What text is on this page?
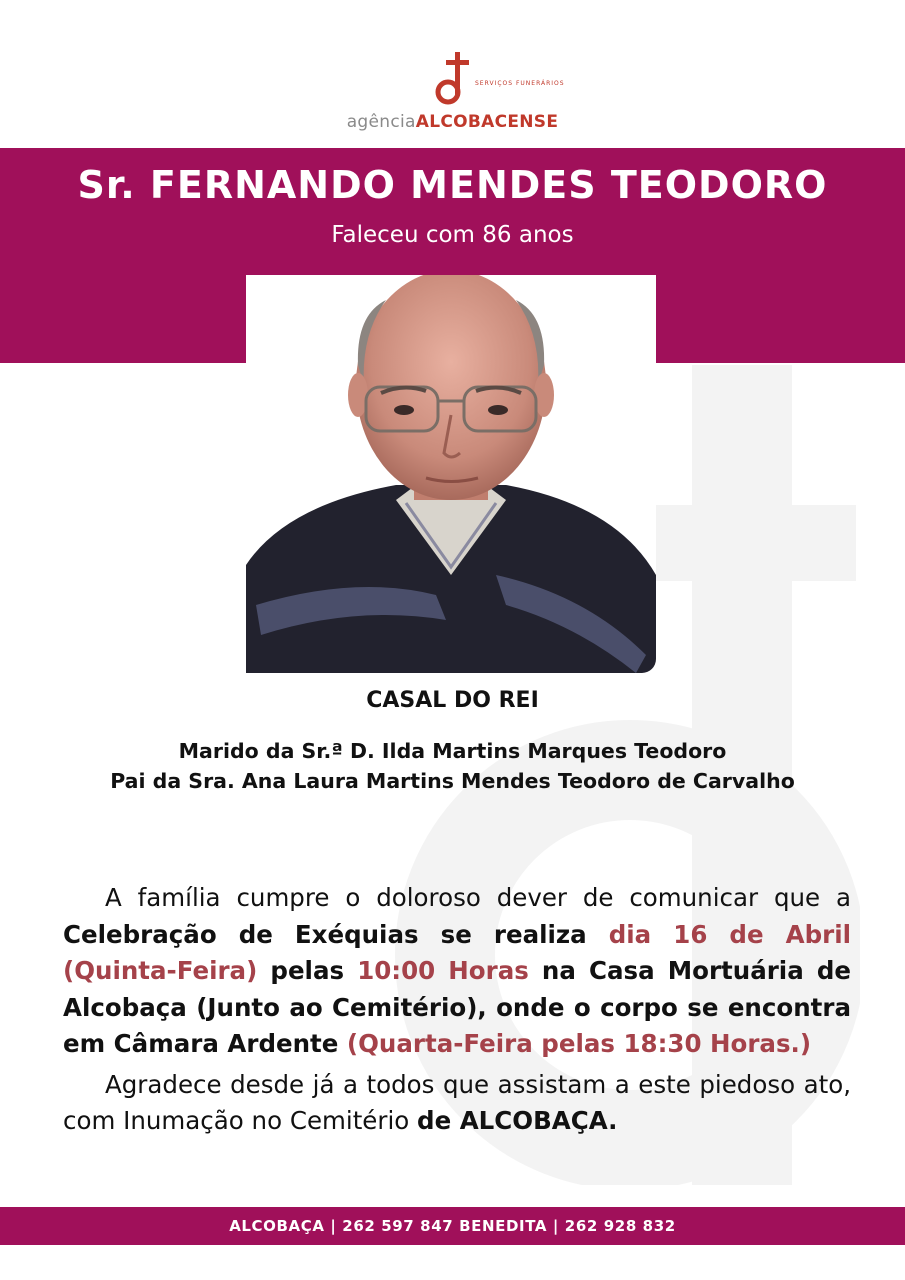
agênciaALCOBACENSE
SERVIÇOS FUNERÁRIOS
Sr. FERNANDO MENDES TEODORO
Faleceu com 86 anos
CASAL DO REI
Marido da Sr.ª D. Ilda Martins Marques Teodoro
Pai da Sra. Ana Laura Martins Mendes Teodoro de Carvalho

A família cumpre o doloroso dever de comunicar que a Celebração de Exéquias se realiza dia 16 de Abril (Quinta-Feira) pelas 10:00 Horas na Casa Mortuária de Alcobaça (Junto ao Cemitério), onde o corpo se encontra em Câmara Ardente (Quarta-Feira pelas 18:30 Horas.)

Agradece desde já a todos que assistam a este piedoso ato, com Inumação no Cemitério de ALCOBAÇA.

ALCOBAÇA | 262 597 847 BENEDITA | 262 928 832
